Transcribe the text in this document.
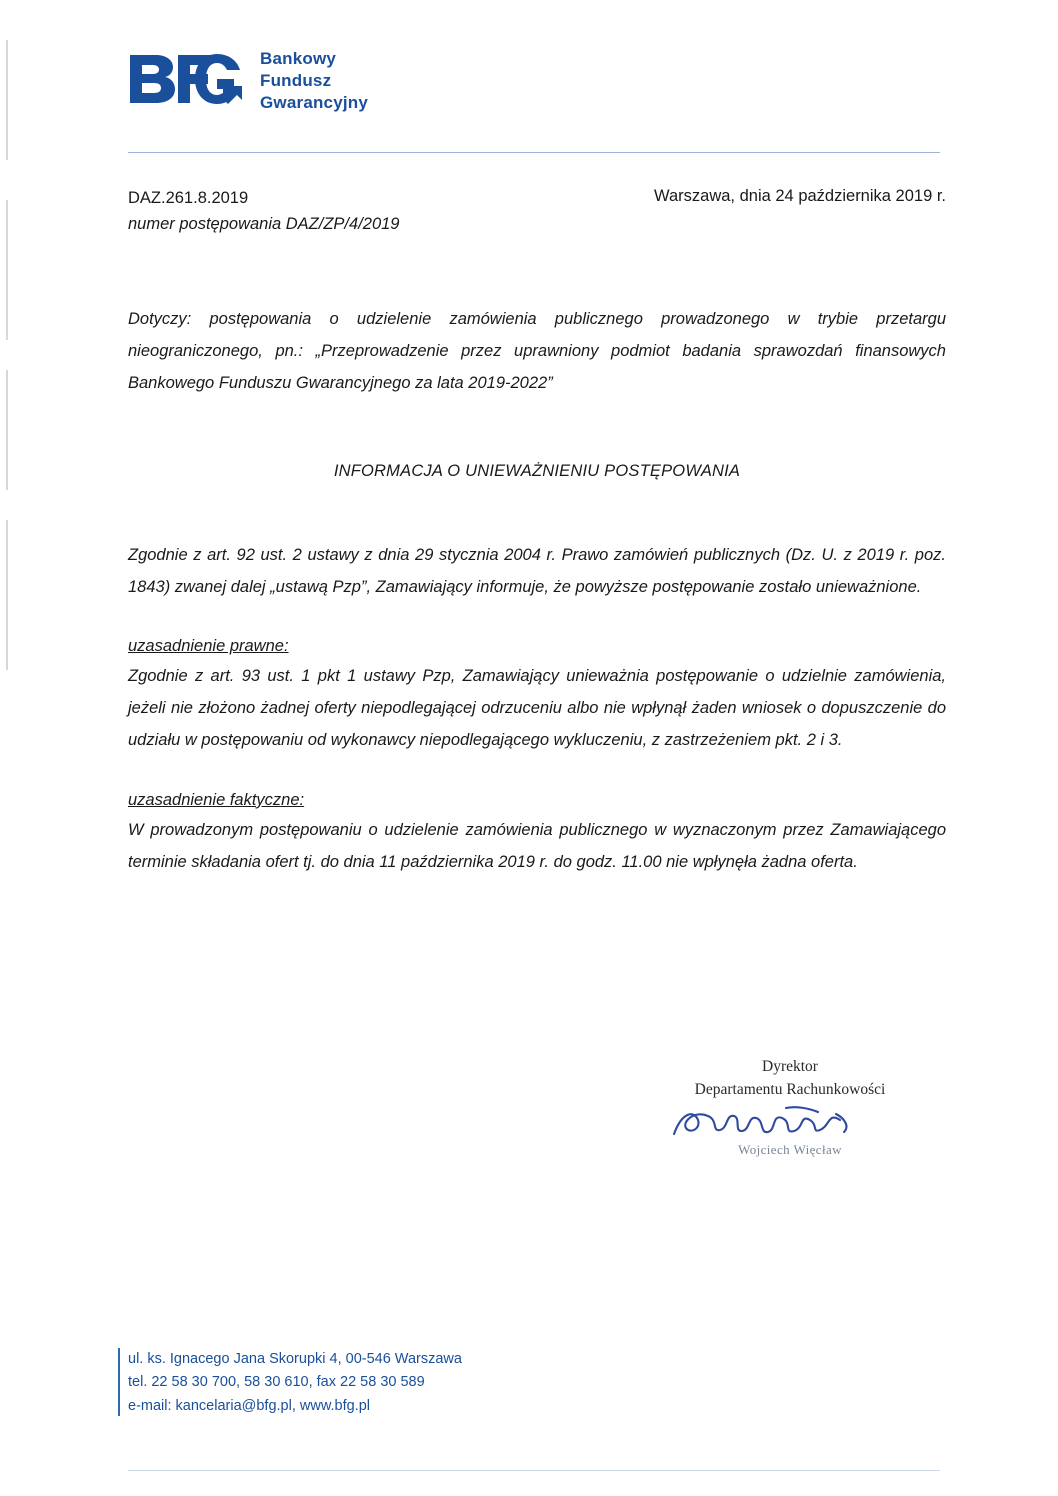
Bankowy
Fundusz
Gwarancyjny
DAZ.261.8.2019
numer postępowania DAZ/ZP/4/2019
Warszawa, dnia 24 października 2019 r.
Dotyczy: postępowania o udzielenie zamówienia publicznego prowadzonego w trybie przetargu nieograniczonego, pn.: „Przeprowadzenie przez uprawniony podmiot badania sprawozdań finansowych Bankowego Funduszu Gwarancyjnego za lata 2019-2022”
INFORMACJA O UNIEWAŻNIENIU POSTĘPOWANIA
Zgodnie z art. 92 ust. 2 ustawy z dnia 29 stycznia 2004 r. Prawo zamówień publicznych (Dz. U. z 2019 r. poz. 1843) zwanej dalej „ustawą Pzp”, Zamawiający informuje, że powyższe postępowanie zostało unieważnione.
uzasadnienie prawne:
Zgodnie z art. 93 ust. 1 pkt 1 ustawy Pzp, Zamawiający unieważnia postępowanie o udzielnie zamówienia, jeżeli nie złożono żadnej oferty niepodlegającej odrzuceniu albo nie wpłynął żaden wniosek o dopuszczenie do udziału w postępowaniu od wykonawcy niepodlegającego wykluczeniu, z zastrzeżeniem pkt. 2 i 3.
uzasadnienie faktyczne:
W prowadzonym postępowaniu o udzielenie zamówienia publicznego w wyznaczonym przez Zamawiającego terminie składania ofert tj. do dnia 11 października 2019 r. do godz. 11.00 nie wpłynęła żadna oferta.
Dyrektor
Departamentu Rachunkowości
Wojciech Więcław
ul. ks. Ignacego Jana Skorupki 4, 00-546 Warszawa
tel. 22 58 30 700, 58 30 610, fax 22 58 30 589
e-mail: kancelaria@bfg.pl, www.bfg.pl
